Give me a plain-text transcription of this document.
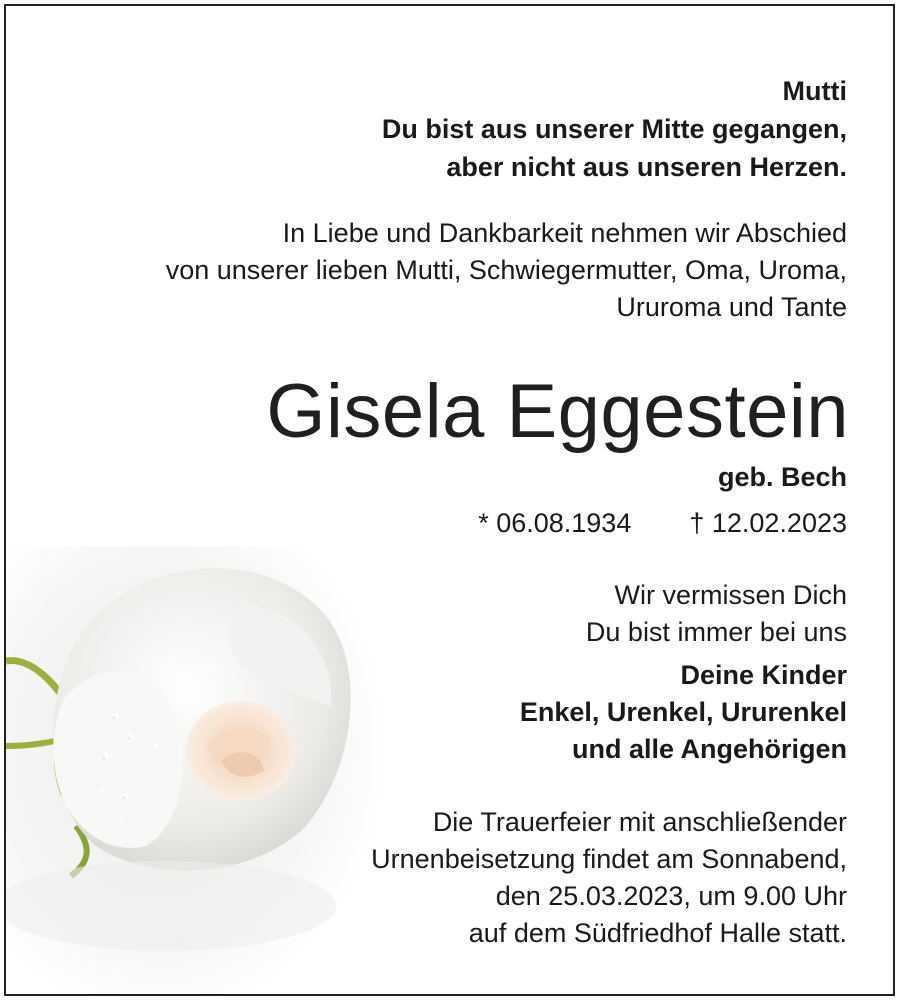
Mutti
Du bist aus unserer Mitte gegangen,
aber nicht aus unseren Herzen.

In Liebe und Dankbarkeit nehmen wir Abschied
von unserer lieben Mutti, Schwiegermutter, Oma, Uroma,
Ururoma und Tante

Gisela Eggestein

geb. Bech

* 06.08.1934 † 12.02.2023

Wir vermissen Dich
Du bist immer bei uns

Deine Kinder
Enkel, Urenkel, Ururenkel
und alle Angehörigen

Die Trauerfeier mit anschließender
Urnenbeisetzung findet am Sonnabend,
den 25.03.2023, um 9.00 Uhr
auf dem Südfriedhof Halle statt.
